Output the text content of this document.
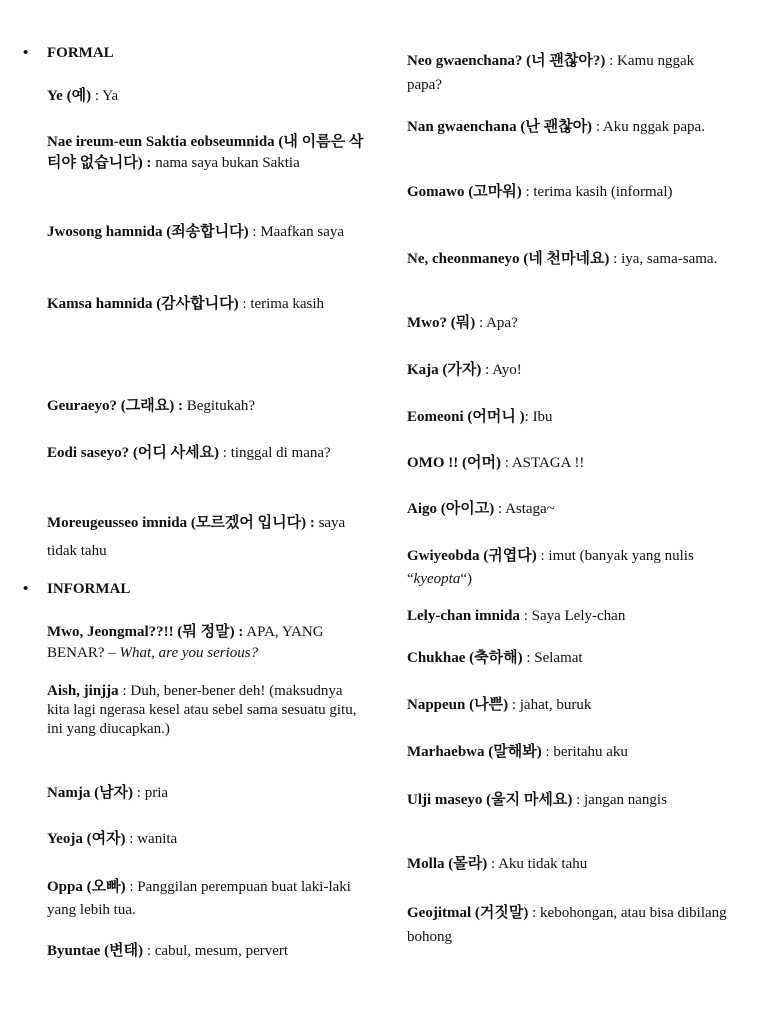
• FORMAL
Ye (예) : Ya
Nae ireum-eun Saktia eobseumnida (내 이름은 삭티야 없습니다) : nama saya bukan Saktia
Jwosong hamnida (죄송합니다) : Maafkan saya
Kamsa hamnida (감사합니다) : terima kasih
Geuraeyo? (그래요) : Begitukah?
Eodi saseyo? (어디 사세요) : tinggal di mana?
Moreugeusseo imnida (모르겠어 입니다) : saya tidak tahu
• INFORMAL
Mwo, Jeongmal??!! (뭐 정말) : APA, YANG BENAR? – What, are you serious?
Aish, jinjja : Duh, bener-bener deh! (maksudnya kita lagi ngerasa kesel atau sebel sama sesuatu gitu, ini yang diucapkan.)
Namja (남자) : pria
Yeoja (여자) : wanita
Oppa (오빠) : Panggilan perempuan buat laki-laki yang lebih tua.
Byuntae (변태) : cabul, mesum, pervert
Neo gwaenchana? (너 괜찮아?) : Kamu nggak papa?
Nan gwaenchana (난 괜찮아) : Aku nggak papa.
Gomawo (고마워) : terima kasih (informal)
Ne, cheonmaneyo (네 천마네요) : iya, sama-sama.
Mwo? (뭐) : Apa?
Kaja (가자) : Ayo!
Eomeoni (어머니 ): Ibu
OMO !! (어머) : ASTAGA !!
Aigo (아이고) : Astaga~
Gwiyeobda (귀엽다) : imut (banyak yang nulis “kyeopta“)
Lely-chan imnida : Saya Lely-chan
Chukhae (축하해) : Selamat
Nappeun (나쁜) : jahat, buruk
Marhaebwa (말해봐) : beritahu aku
Ulji maseyo (울지 마세요) : jangan nangis
Molla (몰라) : Aku tidak tahu
Geojitmal (거짓말) : kebohongan, atau bisa dibilang bohong
